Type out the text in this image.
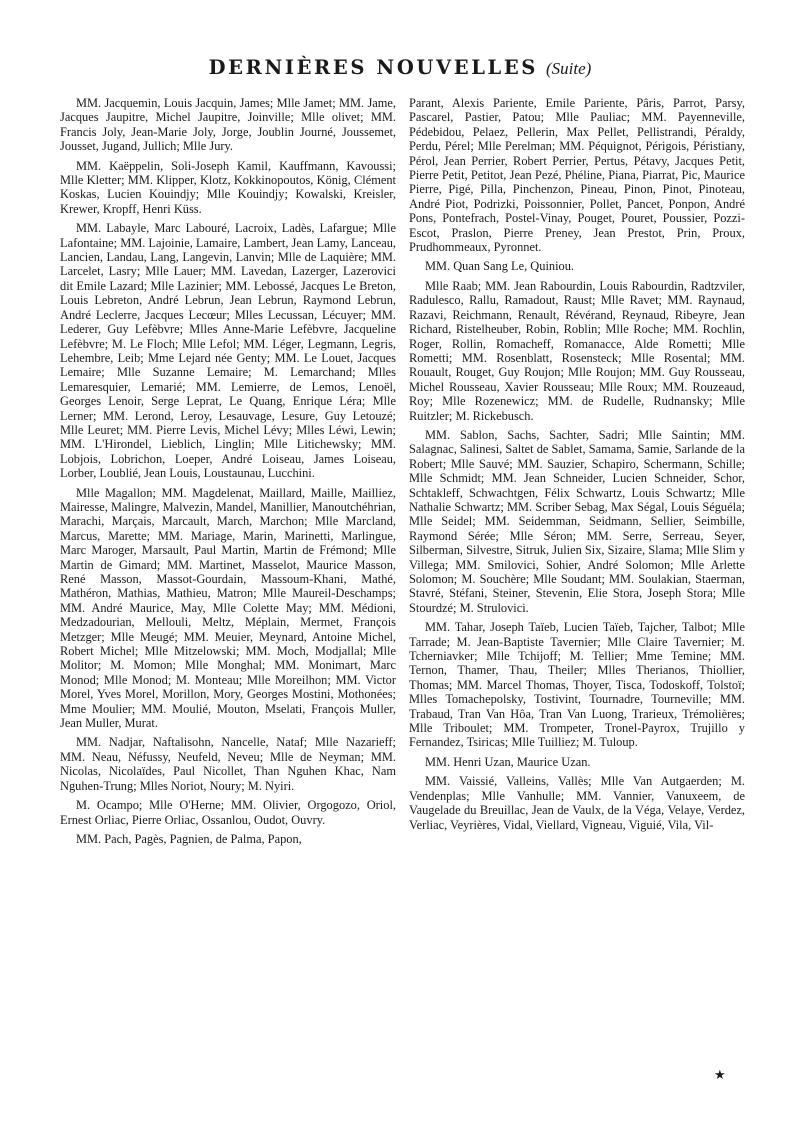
DERNIÈRES NOUVELLES (Suite)

MM. Jacquemin, Louis Jacquin, James; Mlle Jamet; MM. Jame, Jacques Jaupitre, Michel Jaupitre, Joinville; Mlle olivet; MM. Francis Joly, Jean-Marie Joly, Jorge, Joublin Journé, Joussemet, Jousset, Jugand, Jullich; Mlle Jury.

MM. Kaëppelin, Soli-Joseph Kamil, Kauffmann, Kavoussi; Mlle Kletter; MM. Klipper, Klotz, Kokkinopoutos, König, Clément Koskas, Lucien Kouindjy; Mlle Kouindjy; Kowalski, Kreisler, Krewer, Kropff, Henri Küss.

MM. Labayle, Marc Labouré, Lacroix, Ladès, Lafargue; Mlle Lafontaine; MM. Lajoinie, Lamaire, Lambert, Jean Lamy, Lanceau, Lancien, Landau, Lang, Langevin, Lanvin; Mlle de Laquière; MM. Larcelet, Lasry; Mlle Lauer; MM. Lavedan, Lazerger, Lazerovici dit Emile Lazard; Mlle Lazinier; MM. Lebossé, Jacques Le Breton, Louis Lebreton, André Lebrun, Jean Lebrun, Raymond Lebrun, André Leclerre, Jacques Lecœur; Mlles Lecussan, Lécuyer; MM. Lederer, Guy Lefèbvre; Mlles Anne-Marie Lefèbvre, Jacqueline Lefèbvre; M. Le Floch; Mlle Lefol; MM. Léger, Legmann, Legris, Lehembre, Leib; Mme Lejard née Genty; MM. Le Louet, Jacques Lemaire; Mlle Suzanne Lemaire; M. Lemarchand; Mlles Lemaresquier, Lemarié; MM. Lemierre, de Lemos, Lenoël, Georges Lenoir, Serge Leprat, Le Quang, Enrique Léra; Mlle Lerner; MM. Lerond, Leroy, Lesauvage, Lesure, Guy Letouzé; Mlle Leuret; MM. Pierre Levis, Michel Lévy; Mlles Léwi, Lewin; MM. L'Hirondel, Lieblich, Linglin; Mlle Litichewsky; MM. Lobjois, Lobrichon, Loeper, André Loiseau, James Loiseau, Lorber, Loublié, Jean Louis, Loustaunau, Lucchini.

Mlle Magallon; MM. Magdelenat, Maillard, Maille, Mailliez, Mairesse, Malingre, Malvezin, Mandel, Manillier, Manoutchéhrian, Marachi, Marçais, Marcault, March, Marchon; Mlle Marcland, Marcus, Marette; MM. Mariage, Marin, Marinetti, Marlingue, Marc Maroger, Marsault, Paul Martin, Martin de Frémond; Mlle Martin de Gimard; MM. Martinet, Masselot, Maurice Masson, René Masson, Massot-Gourdain, Massoum-Khani, Mathé, Mathéron, Mathias, Mathieu, Matron; Mlle Maureil-Deschamps; MM. André Maurice, May, Mlle Colette May; MM. Médioni, Medzadourian, Mellouli, Meltz, Méplain, Mermet, François Metzger; Mlle Meugé; MM. Meuier, Meynard, Antoine Michel, Robert Michel; Mlle Mitzelowski; MM. Moch, Modjallal; Mlle Molitor; M. Momon; Mlle Monghal; MM. Monimart, Marc Monod; Mlle Monod; M. Monteau; Mlle Moreilhon; MM. Victor Morel, Yves Morel, Morillon, Mory, Georges Mostini, Mothonées; Mme Moulier; MM. Moulié, Mouton, Mselati, François Muller, Jean Muller, Murat.

MM. Nadjar, Naftalisohn, Nancelle, Nataf; Mlle Nazarieff; MM. Neau, Néfussy, Neufeld, Neveu; Mlle de Neyman; MM. Nicolas, Nicolaïdes, Paul Nicollet, Than Nguhen Khac, Nam Nguhen-Trung; Mlles Noriot, Noury; M. Nyiri.

M. Ocampo; Mlle O'Herne; MM. Olivier, Orgogozo, Oriol, Ernest Orliac, Pierre Orliac, Ossanlou, Oudot, Ouvry.

MM. Pach, Pagès, Pagnien, de Palma, Papon,

Parant, Alexis Pariente, Emile Pariente, Pâris, Parrot, Parsy, Pascarel, Pastier, Patou; Mlle Pauliac; MM. Payenneville, Pédebidou, Pelaez, Pellerin, Max Pellet, Pellistrandi, Péraldy, Perdu, Pérel; Mlle Perelman; MM. Péquignot, Périgois, Péristiany, Pérol, Jean Perrier, Robert Perrier, Pertus, Pétavy, Jacques Petit, Pierre Petit, Petitot, Jean Pezé, Phéline, Piana, Piarrat, Pic, Maurice Pierre, Pigé, Pilla, Pinchenzon, Pineau, Pinon, Pinot, Pinoteau, André Piot, Podrizki, Poissonnier, Pollet, Pancet, Ponpon, André Pons, Pontefrach, Postel-Vinay, Pouget, Pouret, Poussier, Pozzi-Escot, Praslon, Pierre Preney, Jean Prestot, Prin, Proux, Prudhommeaux, Pyronnet.

MM. Quan Sang Le, Quiniou.

Mlle Raab; MM. Jean Rabourdin, Louis Rabourdin, Radtzviler, Radulesco, Rallu, Ramadout, Raust; Mlle Ravet; MM. Raynaud, Razavi, Reichmann, Renault, Révérand, Reynaud, Ribeyre, Jean Richard, Ristelheuber, Robin, Roblin; Mlle Roche; MM. Rochlin, Roger, Rollin, Romacheff, Romanacce, Alde Rometti; Mlle Rometti; MM. Rosenblatt, Rosensteck; Mlle Rosental; MM. Rouault, Rouget, Guy Roujon; Mlle Roujon; MM. Guy Rousseau, Michel Rousseau, Xavier Rousseau; Mlle Roux; MM. Rouzeaud, Roy; Mlle Rozenewicz; MM. de Rudelle, Rudnansky; Mlle Ruitzler; M. Rickebusch.

MM. Sablon, Sachs, Sachter, Sadri; Mlle Saintin; MM. Salagnac, Salinesi, Saltet de Sablet, Samama, Samie, Sarlande de la Robert; Mlle Sauvé; MM. Sauzier, Schapiro, Schermann, Schille; Mlle Schmidt; MM. Jean Schneider, Lucien Schneider, Schor, Schtakleff, Schwachtgen, Félix Schwartz, Louis Schwartz; Mlle Nathalie Schwartz; MM. Scriber Sebag, Max Ségal, Louis Séguéla; Mlle Seidel; MM. Seidemman, Seidmann, Sellier, Seimbille, Raymond Sérée; Mlle Séron; MM. Serre, Serreau, Seyer, Silberman, Silvestre, Sitruk, Julien Six, Sizaire, Slama; Mlle Slim y Villega; MM. Smilovici, Sohier, André Solomon; Mlle Arlette Solomon; M. Souchère; Mlle Soudant; MM. Soulakian, Staerman, Stavré, Stéfani, Steiner, Stevenin, Elie Stora, Joseph Stora; Mlle Stourdzé; M. Strulovici.

MM. Tahar, Joseph Taïeb, Lucien Taïeb, Tajcher, Talbot; Mlle Tarrade; M. Jean-Baptiste Tavernier; Mlle Claire Tavernier; M. Tcherniavker; Mlle Tchijoff; M. Tellier; Mme Temine; MM. Ternon, Thamer, Thau, Theiler; Mlles Therianos, Thiollier, Thomas; MM. Marcel Thomas, Thoyer, Tisca, Todoskoff, Tolstoï; Mlles Tomachepolsky, Tostivint, Tournadre, Tourneville; MM. Trabaud, Tran Van Hôa, Tran Van Luong, Trarieux, Trémolières; Mlle Triboulet; MM. Trompeter, Tronel-Payrox, Trujillo y Fernandez, Tsiricas; Mlle Tuilliez; M. Tuloup.

MM. Henri Uzan, Maurice Uzan.

MM. Vaissié, Valleins, Vallès; Mlle Van Autgaerden; M. Vendenplas; Mlle Vanhulle; MM. Vannier, Vanuxeem, de Vaugelade du Breuillac, Jean de Vaulx, de la Véga, Velaye, Verdez, Verliac, Veyrières, Vidal, Viellard, Vigneau, Viguié, Vila, Vil-

★
